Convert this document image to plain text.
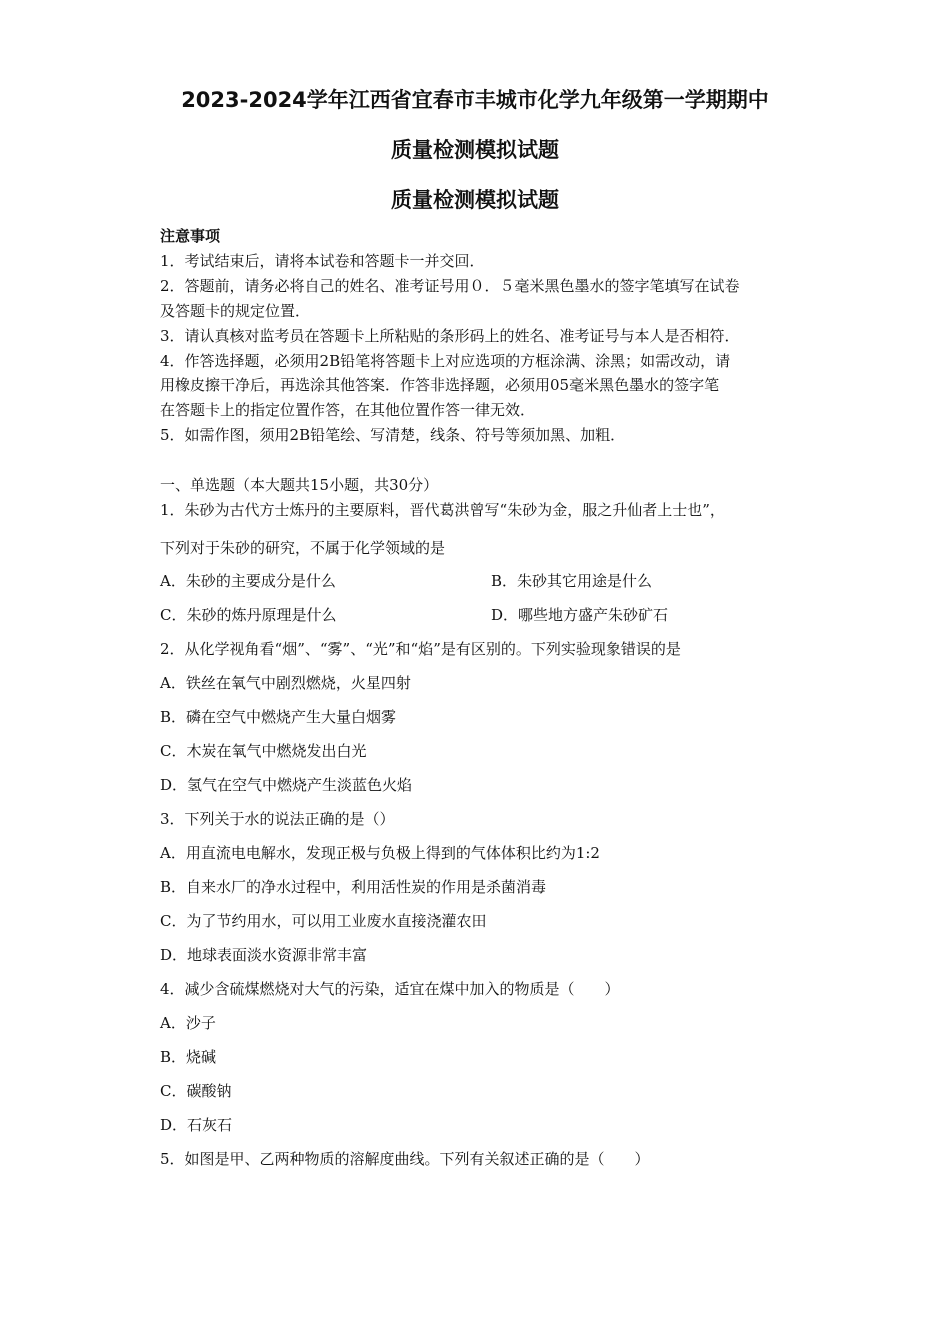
2023-2024学年江西省宜春市丰城市化学九年级第一学期期中
质量检测模拟试题
质量检测模拟试题
注意事项
1．考试结束后，请将本试卷和答题卡一并交回．
2．答题前，请务必将自己的姓名、准考证号用０．５毫米黑色墨水的签字笔填写在试卷
及答题卡的规定位置．
3．请认真核对监考员在答题卡上所粘贴的条形码上的姓名、准考证号与本人是否相符．
4．作答选择题，必须用2B铅笔将答题卡上对应选项的方框涂满、涂黑；如需改动，请
用橡皮擦干净后，再选涂其他答案．作答非选择题，必须用05毫米黑色墨水的签字笔
在答题卡上的指定位置作答，在其他位置作答一律无效．
5．如需作图，须用2B铅笔绘、写清楚，线条、符号等须加黑、加粗．
一、单选题（本大题共15小题，共30分）
1．朱砂为古代方士炼丹的主要原料，晋代葛洪曾写“朱砂为金，服之升仙者上士也”，
下列对于朱砂的研究，不属于化学领域的是
A．朱砂的主要成分是什么	B．朱砂其它用途是什么
C．朱砂的炼丹原理是什么	D．哪些地方盛产朱砂矿石
2．从化学视角看“烟”、“雾”、“光”和“焰”是有区别的。下列实验现象错误的是
A．铁丝在氧气中剧烈燃烧，火星四射
B．磷在空气中燃烧产生大量白烟雾
C．木炭在氧气中燃烧发出白光
D．氢气在空气中燃烧产生淡蓝色火焰
3．下列关于水的说法正确的是（）
A．用直流电电解水，发现正极与负极上得到的气体体积比约为1:2
B．自来水厂的净水过程中，利用活性炭的作用是杀菌消毒
C．为了节约用水，可以用工业废水直接浇灌农田
D．地球表面淡水资源非常丰富
4．减少含硫煤燃烧对大气的污染，适宜在煤中加入的物质是（　　）
A．沙子
B．烧碱
C．碳酸钠
D．石灰石
5．如图是甲、乙两种物质的溶解度曲线。下列有关叙述正确的是（　　）
